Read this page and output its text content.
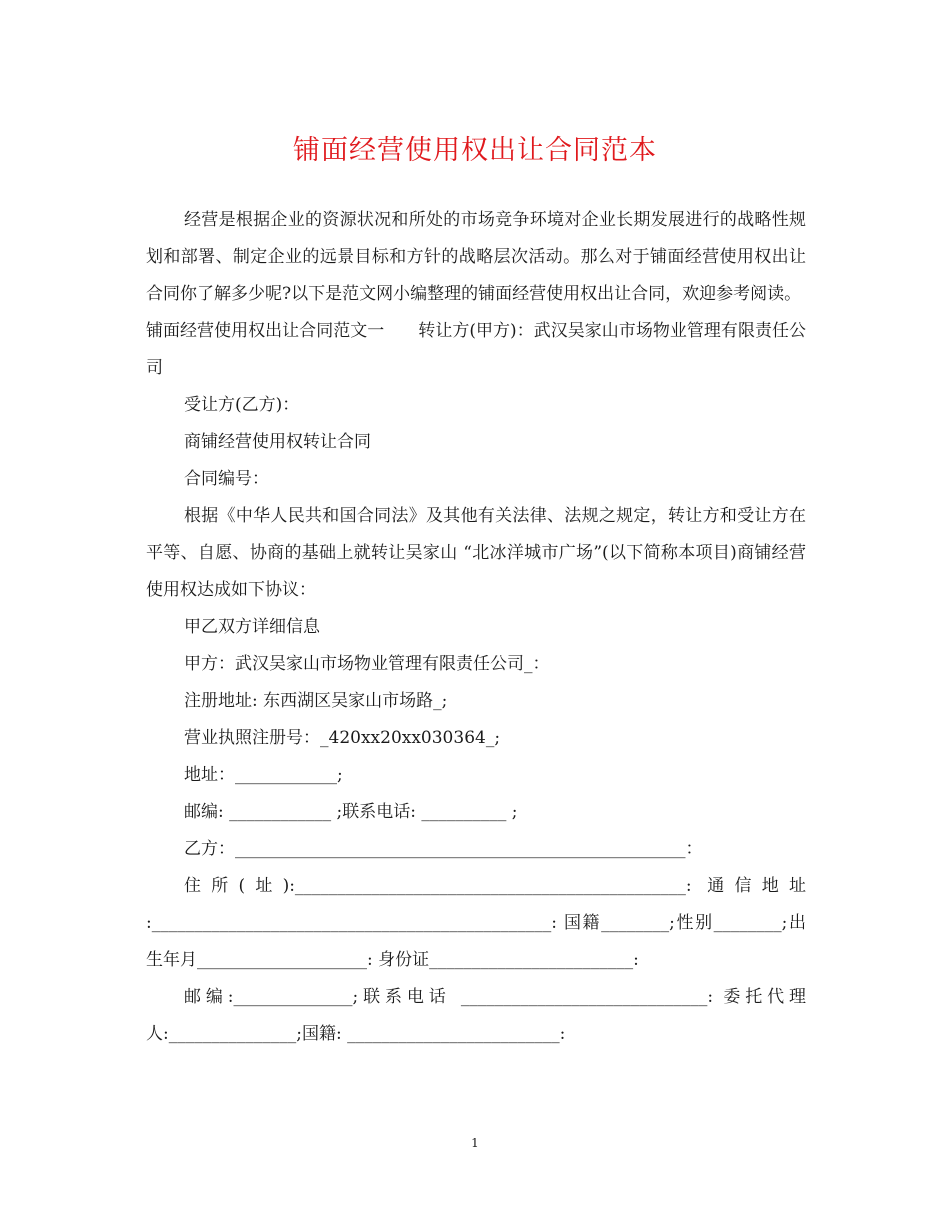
铺面经营使用权出让合同范本

经营是根据企业的资源状况和所处的市场竞争环境对企业长期发展进行的战略性规划和部署、制定企业的远景目标和方针的战略层次活动。那么对于铺面经营使用权出让合同你了解多少呢?以下是范文网小编整理的铺面经营使用权出让合同，欢迎参考阅读。

铺面经营使用权出让合同范文一　　转让方(甲方)：武汉吴家山市场物业管理有限责任公司

受让方(乙方)：

商铺经营使用权转让合同

合同编号：

根据《中华人民共和国合同法》及其他有关法律、法规之规定，转让方和受让方在平等、自愿、协商的基础上就转让吴家山 “北冰洋城市广场”(以下简称本项目)商铺经营使用权达成如下协议：

甲乙双方详细信息

甲方：武汉吴家山市场物业管理有限责任公司_：

注册地址: 东西湖区吴家山市场路_;

营业执照注册号：_420xx20xx030364_;

地址：____________;

邮编: ____________ ;联系电话: __________ ;

乙方：_____________________________________________________：

住所(址):______________________________________________: 通信地址 :_______________________________________________: 国籍________;性别________;出生年月____________________: 身份证________________________:

邮编:______________;联系电话 _____________________________: 委托代理人:_______________;国籍: _________________________:

1
